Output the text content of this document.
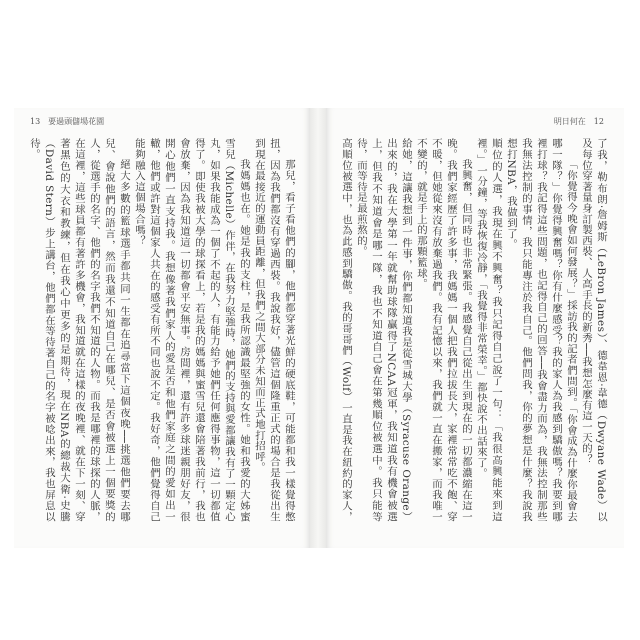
13　要過頭儲場花園

那兒，看子看他們的腳，他們都穿著光鮮的硬底鞋，可能都和我一樣覺得憋扭，因為我們都沒有穿過西裝。我說我好，儘管這個隆重正式的場合是我從出生到現在最接近的運動員距離，但我們之間大部分未知而正式地打招呼。

我媽媽也在。她是我的支柱，是我所認識最堅強的女性。她和我愛的大姊蜜雪兒（Michelle）作伴，在我努力堅強時，她們的支持與愛都讓我有了一顆定心丸，如果我能成為一個了不起的人，有能力給予她們任何應得事物，這一切都值得了。即使我被大學的球探看上，若是我的媽媽與蜜雪兒還會陪著我前行，我也會放棄，因為我知道這一切都會平安無事。房間裡，還有許多球迷親朋好友，很開心他們一直支持我。我想像著我們家人的愛是否和他們家庭之間的愛如出一轍，他們或許對這個家人共在的感受有所不同也說不定。我好奇，他們覺得自己能夠融入這個場合嗎？

絕大多數的籃球選手都共同一生都在追尋當下這個夜晚──挑選他們要去哪兒、會說他們的語言，然而我還不知道自己在哪兒、是否會被選上一個要獎的人，從選手的名字、他們的名字我們不知道的人物。而我是哪裡的球探的人脈，在這裡，這些球員都有著許多機會，我知道就在這樣的夜晚裡、就在下一刻、穿著黑色的大衣和教練，但在我心中更多的是期待，現在NBA的總裁大衛‧史騰（David Stern）步上講台，他們都在等待著自己的名字被唸出來，我也屏息以待。

明日何在　12

了我，勒布朗‧詹姆斯（LeBron James）、德韋恩‧韋德（Dwyane Wade）以及每位穿著量身訂製西裝、人高手長的新秀──我想怎麼有這一天的？

「你覺得今晚會如何發展？」採訪我的記者們問到。「你會成為什麼你最會去哪一隊？」你覺得興奮嗎？你有什麼感受？我的家人為我感到驕傲嗎？我要到哪裡打球？我記得這些問題，也記得自己的回答──我會盡力而為，我無法控制那些我無法控制的事情，我只能專注於我自己。他們問我，你的夢想是什麼？我說我想打NBA，我做到了。

順位的人選，我現在興不興奮？我只記得自己說了一句：「我很高興能來到這裡。」一分鐘，等我恢復冷靜，「我覺得非常榮幸。」都快說不出話來了。

我興奮，但同時也非常緊張。我感覺自己從出生到現在的一切都濃縮在這一晚。我們家經歷了許多事，我媽媽一個人把我們拉拔長大，家裡常常吃不飽、穿不暖，但她從來沒有放棄過我們。我有記憶以來，我們就一直在搬家，而我唯一不變的，就是手上的那顆籃球。

給她，這讓我想到一件事，你們都知道我是從雪城大學（Syracuse Orange）出來的，我在大學第一年就幫助球隊贏得了NCAA冠軍，我知道我有機會被選上，但我不知道會是哪一隊，我也不知道自己會在第幾順位被選中。我只能等待，而等待是最煎熬的。

高順位被選中，也為此感到驕傲。我的哥哥們（Wolf）一直是我在紐約的家人，
